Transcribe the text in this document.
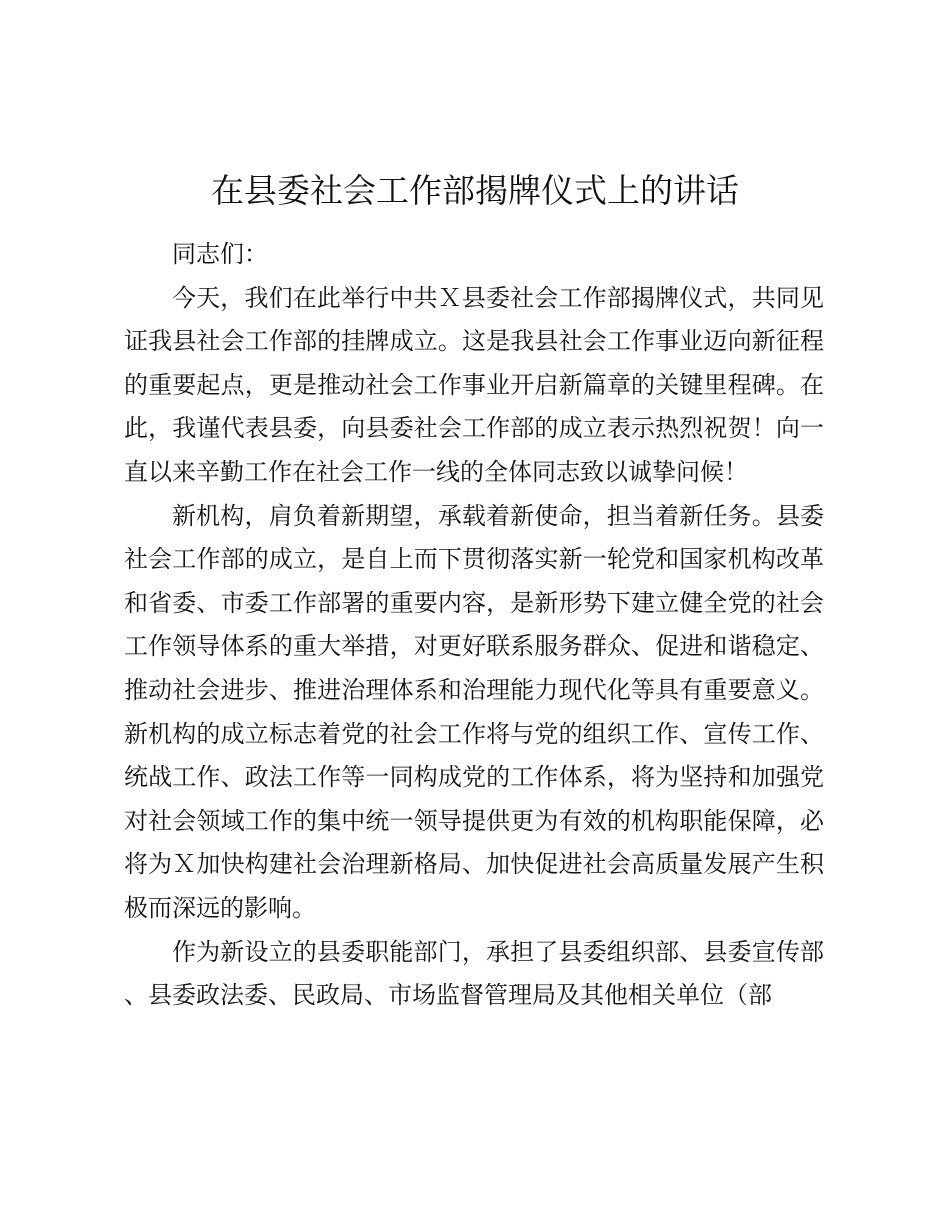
在县委社会工作部揭牌仪式上的讲话

同志们：

今天，我们在此举行中共Ｘ县委社会工作部揭牌仪式，共同见证我县社会工作部的挂牌成立。这是我县社会工作事业迈向新征程的重要起点，更是推动社会工作事业开启新篇章的关键里程碑。在此，我谨代表县委，向县委社会工作部的成立表示热烈祝贺！向一直以来辛勤工作在社会工作一线的全体同志致以诚挚问候！

新机构，肩负着新期望，承载着新使命，担当着新任务。县委社会工作部的成立，是自上而下贯彻落实新一轮党和国家机构改革和省委、市委工作部署的重要内容，是新形势下建立健全党的社会工作领导体系的重大举措，对更好联系服务群众、促进和谐稳定、推动社会进步、推进治理体系和治理能力现代化等具有重要意义。新机构的成立标志着党的社会工作将与党的组织工作、宣传工作、统战工作、政法工作等一同构成党的工作体系，将为坚持和加强党对社会领域工作的集中统一领导提供更为有效的机构职能保障，必将为Ｘ加快构建社会治理新格局、加快促进社会高质量发展产生积极而深远的影响。

作为新设立的县委职能部门，承担了县委组织部、县委宣传部、县委政法委、民政局、市场监督管理局及其他相关单位（部
